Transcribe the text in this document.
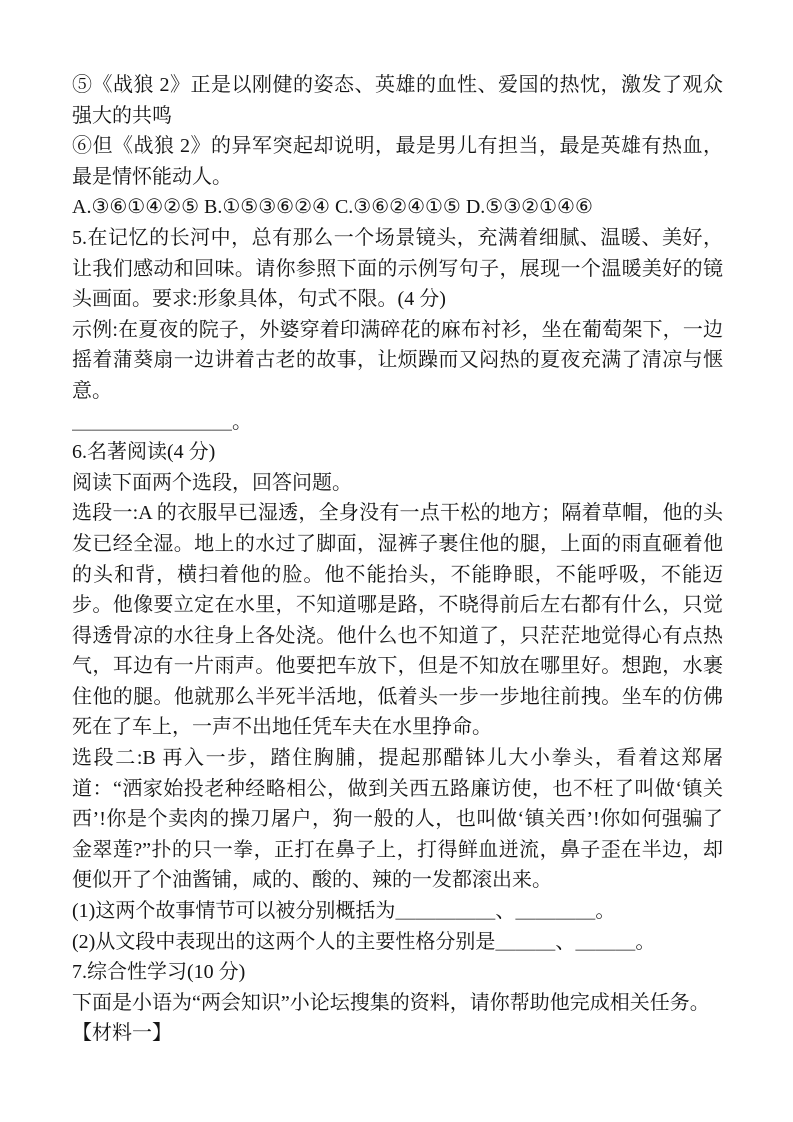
⑤《战狼 2》正是以刚健的姿态、英雄的血性、爱国的热忱，激发了观众强大的共鸣

⑥但《战狼 2》的异军突起却说明，最是男儿有担当，最是英雄有热血，最是情怀能动人。

A.③⑥①④②⑤ B.①⑤③⑥②④ C.③⑥②④①⑤ D.⑤③②①④⑥

5.在记忆的长河中，总有那么一个场景镜头，充满着细腻、温暖、美好，让我们感动和回味。请你参照下面的示例写句子，展现一个温暖美好的镜头画面。要求:形象具体，句式不限。(4 分)

示例:在夏夜的院子，外婆穿着印满碎花的麻布衬衫，坐在葡萄架下，一边摇着蒲葵扇一边讲着古老的故事，让烦躁而又闷热的夏夜充满了清凉与惬意。

＿＿＿＿＿＿＿＿。

6.名著阅读(4 分)

阅读下面两个选段，回答问题。

选段一:A 的衣服早已湿透，全身没有一点干松的地方；隔着草帽，他的头发已经全湿。地上的水过了脚面，湿裤子裹住他的腿，上面的雨直砸着他的头和背，横扫着他的脸。他不能抬头，不能睁眼，不能呼吸，不能迈步。他像要立定在水里，不知道哪是路，不晓得前后左右都有什么，只觉得透骨凉的水往身上各处浇。他什么也不知道了，只茫茫地觉得心有点热气，耳边有一片雨声。他要把车放下，但是不知放在哪里好。想跑，水裹住他的腿。他就那么半死半活地，低着头一步一步地往前拽。坐车的仿佛死在了车上，一声不出地任凭车夫在水里挣命。

选段二:B 再入一步，踏住胸脯，提起那醋钵儿大小拳头，看着这郑屠道：“洒家始投老种经略相公，做到关西五路廉访使，也不枉了叫做‘镇关西’!你是个卖肉的操刀屠户，狗一般的人，也叫做‘镇关西’!你如何强骗了金翠莲?”扑的只一拳，正打在鼻子上，打得鲜血迸流，鼻子歪在半边，却便似开了个油酱铺，咸的、酸的、辣的一发都滚出来。

(1)这两个故事情节可以被分别概括为＿＿＿＿＿、＿＿＿＿。

(2)从文段中表现出的这两个人的主要性格分别是＿＿＿、＿＿＿。

7.综合性学习(10 分)

下面是小语为“两会知识”小论坛搜集的资料，请你帮助他完成相关任务。

【材料一】
